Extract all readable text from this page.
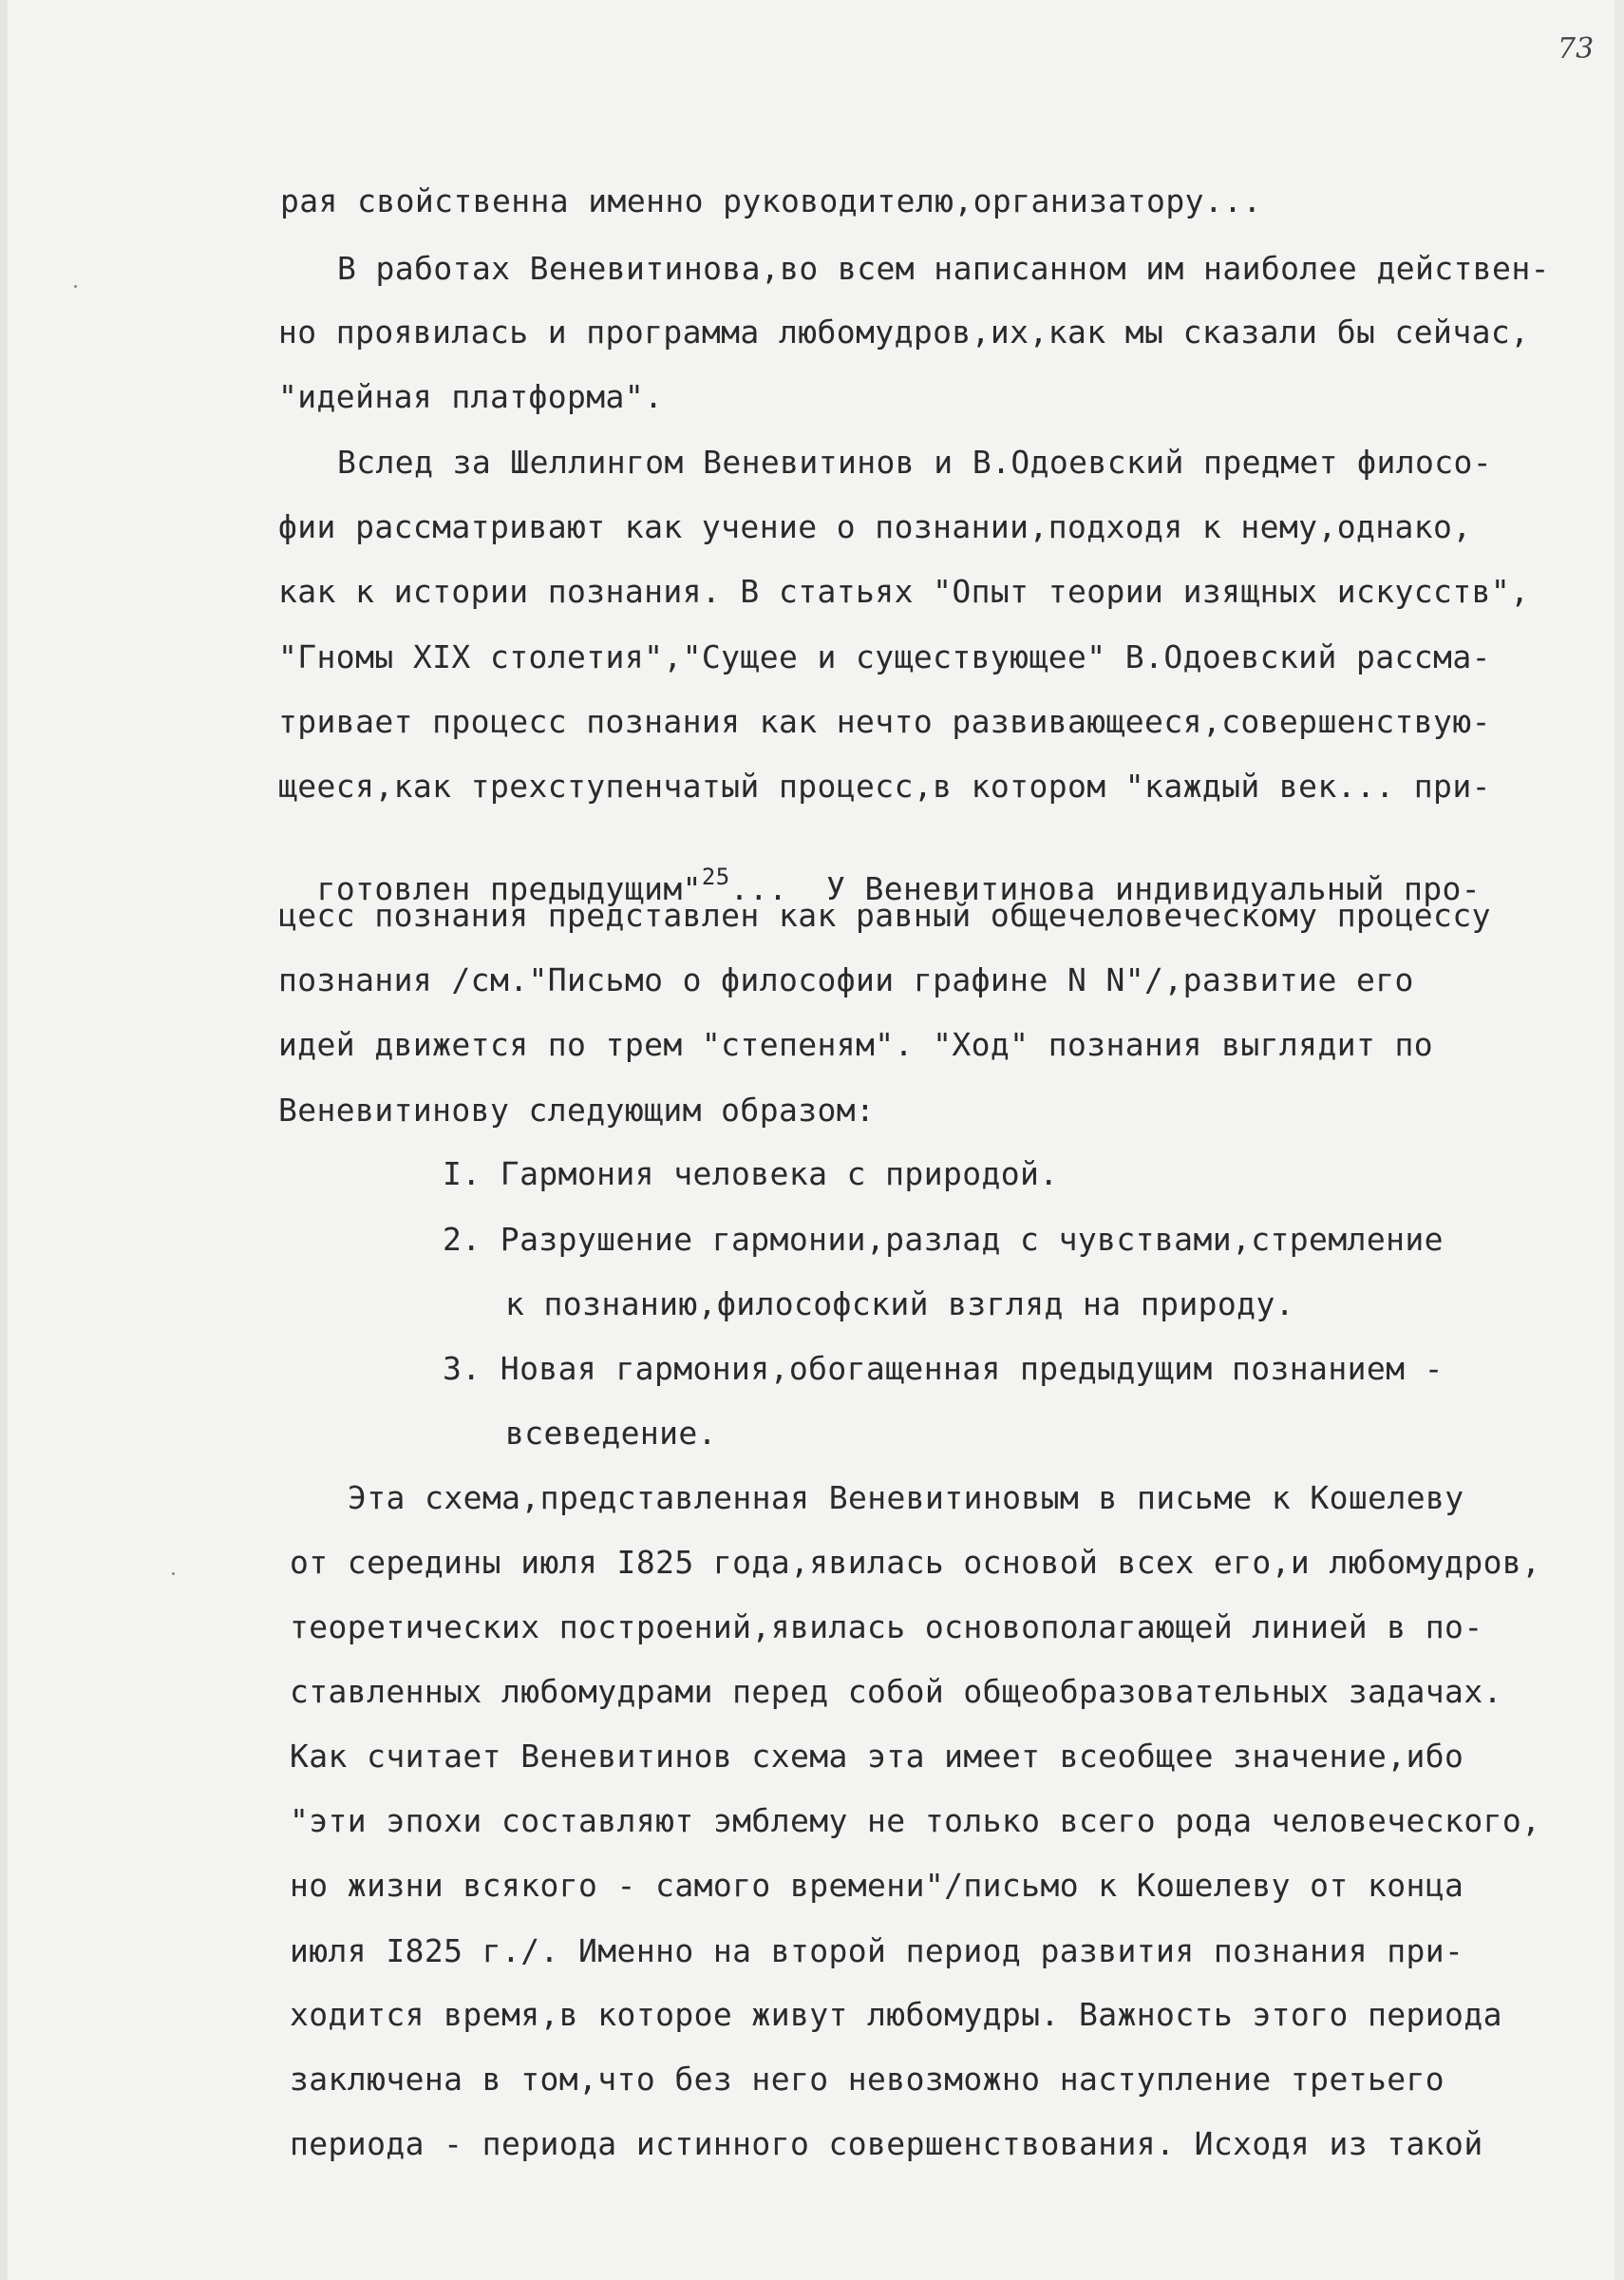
73
рая свойственна именно руководителю,организатору...
В работах Веневитинова,во всем написанном им наиболее действен-
но проявилась и программа любомудров,их,как мы сказали бы сейчас,
"идейная платформа".
Вслед за Шеллингом Веневитинов и В.Одоевский предмет филосо-
фии рассматривают как учение о познании,подходя к нему,однако,
как к истории познания. В статьях "Опыт теории изящных искусств",
"Гномы XIX столетия","Сущее и существующее" В.Одоевский рассма-
тривает процесс познания как нечто развивающееся,совершенствую-
щееся,как трехступенчатый процесс,в котором "каждый век... при-

готовлен предыдущим"$^{25}$...  У Веневитинова индивидуальный про-

цесс познания представлен как равный общечеловеческому процессу
познания /см."Письмо о философии графине N N"/,развитие его
идей движется по трем "степеням". "Ход" познания выглядит по
Веневитинову следующим образом:
I. Гармония человека с природой.
2. Разрушение гармонии,разлад с чувствами,стремление
к познанию,философский взгляд на природу.
3. Новая гармония,обогащенная предыдущим познанием -
всеведение.
Эта схема,представленная Веневитиновым в письме к Кошелеву
от середины июля I825 года,явилась основой всех его,и любомудров,
теоретических построений,явилась основополагающей линией в по-
ставленных любомудрами перед собой общеобразовательных задачах.
Как считает Веневитинов схема эта имеет всеобщее значение,ибо
"эти эпохи составляют эмблему не только всего рода человеческого,
но жизни всякого - самого времени"/письмо к Кошелеву от конца
июля I825 г./. Именно на второй период развития познания при-
ходится время,в которое живут любомудры. Важность этого периода
заключена в том,что без него невозможно наступление третьего
периода - периода истинного совершенствования. Исходя из такой
